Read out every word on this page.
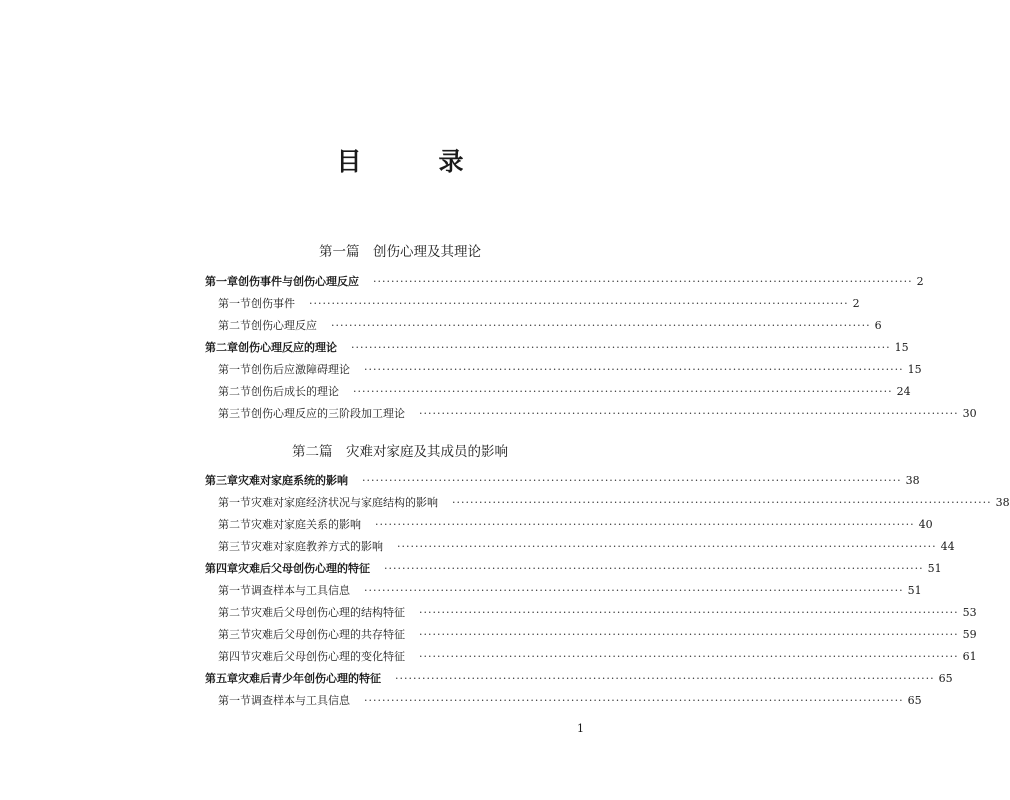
目　录
第一篇　创伤心理及其理论
第二篇　灾难对家庭及其成员的影响
第一章 创伤事件与创伤心理反应 ························································································································ 2
第一节 创伤事件 ························································································································ 2
第二节 创伤心理反应 ························································································································ 6
第二章 创伤心理反应的理论 ························································································································ 15
第一节 创伤后应激障碍理论 ························································································································ 15
第二节 创伤后成长的理论 ························································································································ 24
第三节 创伤心理反应的三阶段加工理论 ························································································································ 30
第三章 灾难对家庭系统的影响 ························································································································ 38
第一节 灾难对家庭经济状况与家庭结构的影响 ························································································································ 38
第二节 灾难对家庭关系的影响 ························································································································ 40
第三节 灾难对家庭教养方式的影响 ························································································································ 44
第四章 灾难后父母创伤心理的特征 ························································································································ 51
第一节 调查样本与工具信息 ························································································································ 51
第二节 灾难后父母创伤心理的结构特征 ························································································································ 53
第三节 灾难后父母创伤心理的共存特征 ························································································································ 59
第四节 灾难后父母创伤心理的变化特征 ························································································································ 61
第五章 灾难后青少年创伤心理的特征 ························································································································ 65
第一节 调查样本与工具信息 ························································································································ 65
1
